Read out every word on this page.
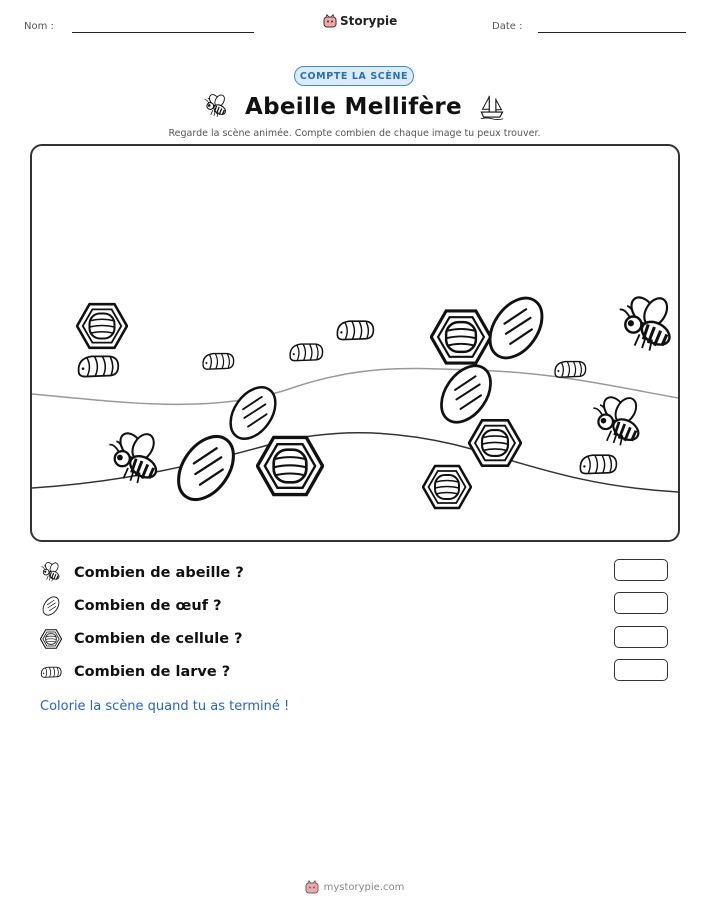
Nom :	Storypie	Date :
COMPTE LA SCÈNE
Abeille Mellifère
Regarde la scène animée. Compte combien de chaque image tu peux trouver.
Combien de abeille ?
Combien de œuf ?
Combien de cellule ?
Combien de larve ?
Colorie la scène quand tu as terminé !
mystorypie.com
